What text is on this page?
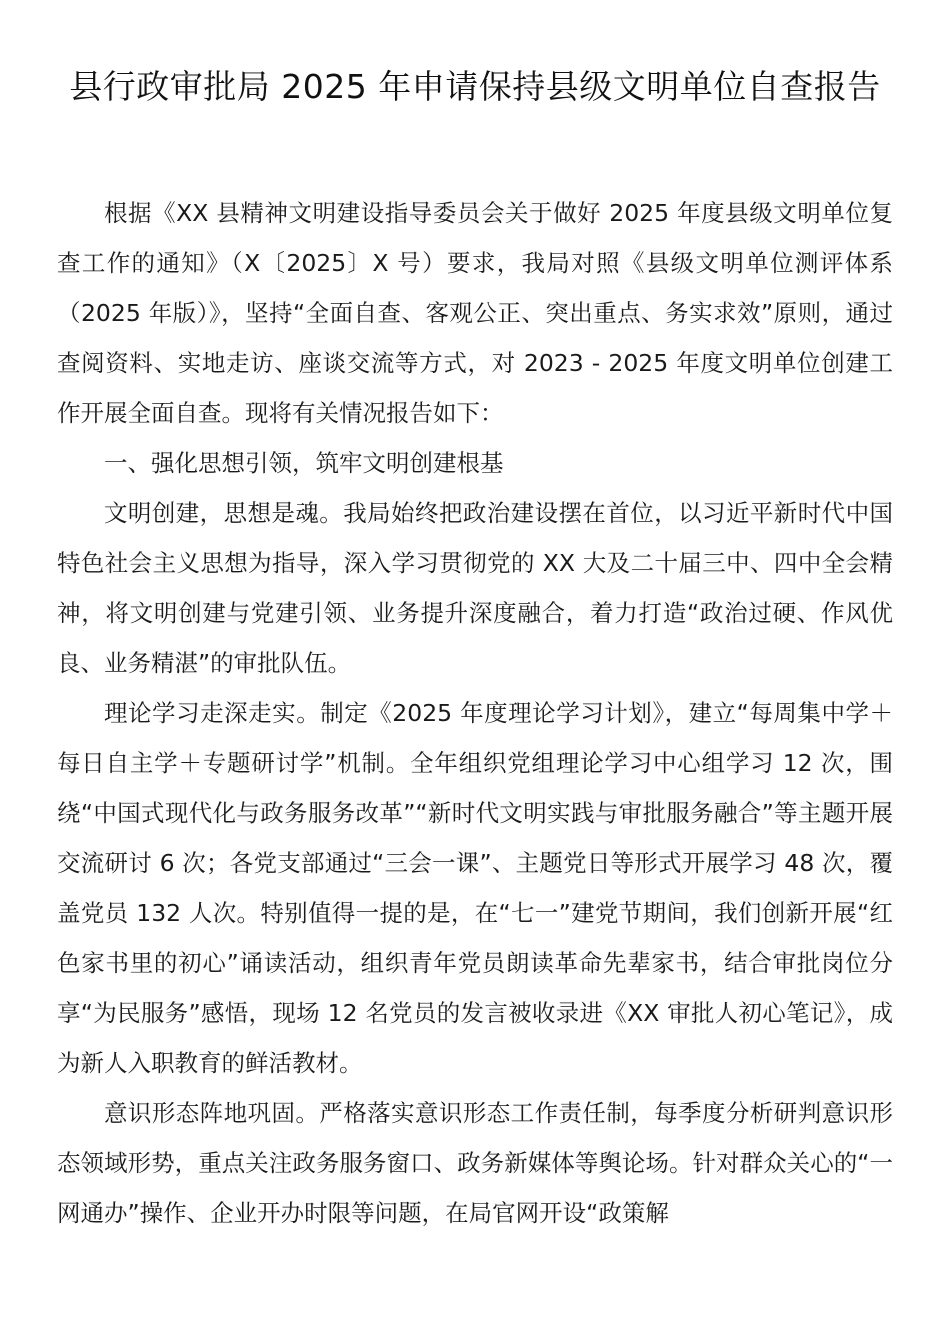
县行政审批局 2025 年申请保持县级文明单位自查报告

根据《XX 县精神文明建设指导委员会关于做好 2025 年度县级文明单位复查工作的通知》（X〔2025〕X 号）要求，我局对照《县级文明单位测评体系（2025 年版）》，坚持“全面自查、客观公正、突出重点、务实求效”原则，通过查阅资料、实地走访、座谈交流等方式，对 2023 - 2025 年度文明单位创建工作开展全面自查。现将有关情况报告如下：

一、强化思想引领，筑牢文明创建根基

文明创建，思想是魂。我局始终把政治建设摆在首位，以习近平新时代中国特色社会主义思想为指导，深入学习贯彻党的 XX 大及二十届三中、四中全会精神，将文明创建与党建引领、业务提升深度融合，着力打造“政治过硬、作风优良、业务精湛”的审批队伍。

理论学习走深走实。制定《2025 年度理论学习计划》，建立“每周集中学＋每日自主学＋专题研讨学”机制。全年组织党组理论学习中心组学习 12 次，围绕“中国式现代化与政务服务改革”“新时代文明实践与审批服务融合”等主题开展交流研讨 6 次；各党支部通过“三会一课”、主题党日等形式开展学习 48 次，覆盖党员 132 人次。特别值得一提的是，在“七一”建党节期间，我们创新开展“红色家书里的初心”诵读活动，组织青年党员朗读革命先辈家书，结合审批岗位分享“为民服务”感悟，现场 12 名党员的发言被收录进《XX 审批人初心笔记》，成为新人入职教育的鲜活教材。

意识形态阵地巩固。严格落实意识形态工作责任制，每季度分析研判意识形态领域形势，重点关注政务服务窗口、政务新媒体等舆论场。针对群众关心的“一网通办”操作、企业开办时限等问题，在局官网开设“政策解
